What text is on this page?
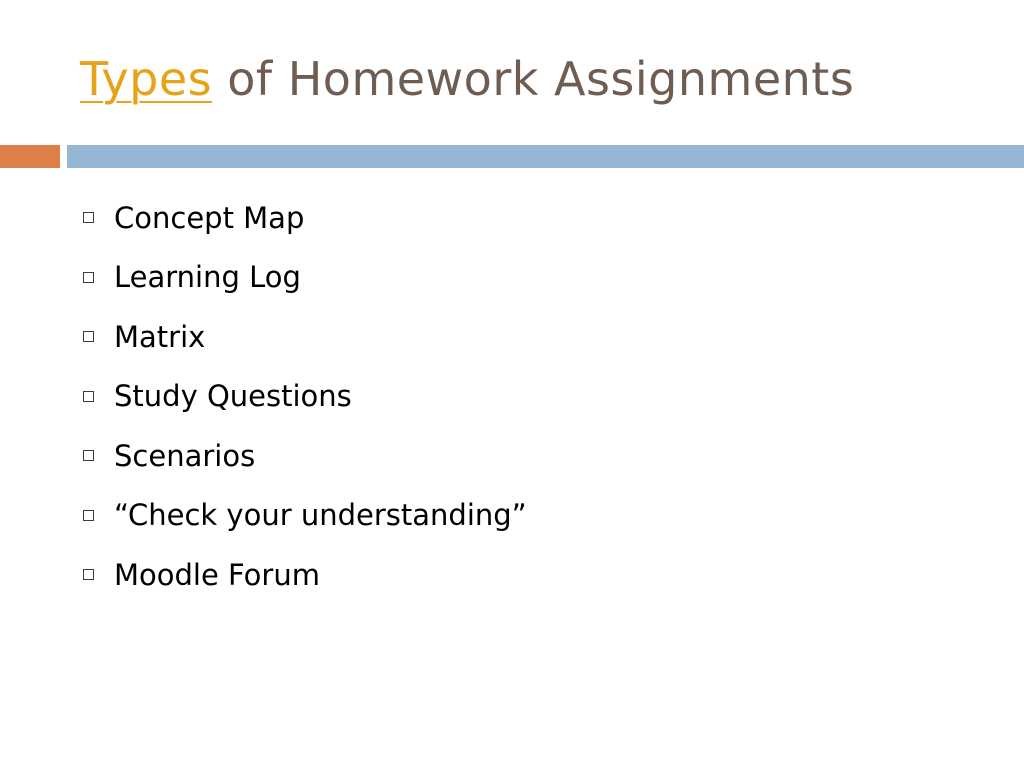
Types of Homework Assignments
Concept Map
Learning Log
Matrix
Study Questions
Scenarios
“Check your understanding”
Moodle Forum
